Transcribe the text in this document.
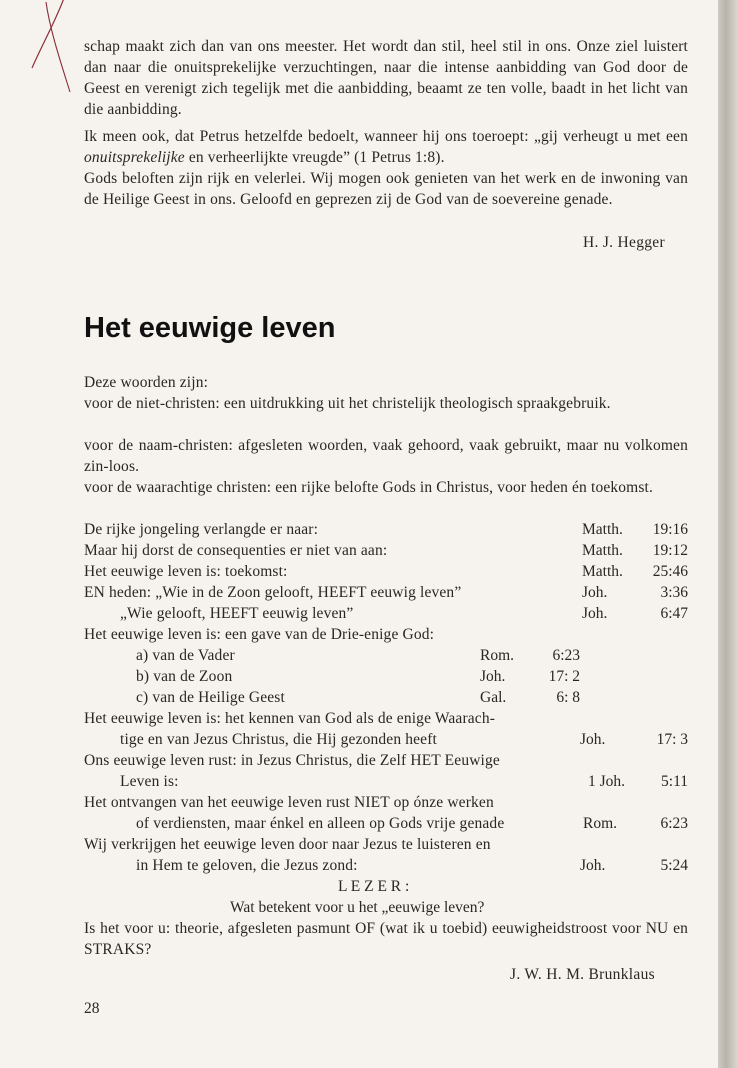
schap maakt zich dan van ons meester. Het wordt dan stil, heel stil in ons. Onze ziel luistert dan naar die onuitsprekelijke verzuchtingen, naar die intense aanbidding van God door de Geest en verenigt zich tegelijk met die aanbidding, beaamt ze ten volle, baadt in het licht van die aanbidding.

Ik meen ook, dat Petrus hetzelfde bedoelt, wanneer hij ons toeroept: „gij verheugt u met een onuitsprekelijke en verheerlijkte vreugde” (1 Petrus 1:8).

Gods beloften zijn rijk en velerlei. Wij mogen ook genieten van het werk en de inwoning van de Heilige Geest in ons. Geloofd en geprezen zij de God van de soevereine genade.

H. J. Hegger
Het eeuwige leven

Deze woorden zijn:

voor de niet-christen: een uitdrukking uit het christelijk theologisch spraakgebruik.

voor de naam-christen: afgesleten woorden, vaak gehoord, vaak gebruikt, maar nu volkomen zin-loos.

voor de waarachtige christen: een rijke belofte Gods in Christus, voor heden én toekomst.

De rijke jongeling verlangde er naar:	Matth.	19:16
Maar hij dorst de consequenties er niet van aan:	Matth.	19:12
Het eeuwige leven is: toekomst:	Matth.	25:46
EN heden: „Wie in de Zoon gelooft, HEEFT eeuwig leven”	Joh.	3:36
„Wie gelooft, HEEFT eeuwig leven”	Joh.	6:47
Het eeuwige leven is: een gave van de Drie-enige God:
a) van de Vader	Rom.	6:23
b) van de Zoon	Joh.	17: 2
c) van de Heilige Geest	Gal.	6: 8
Het eeuwige leven is: het kennen van God als de enige Waarach-
tige en van Jezus Christus, die Hij gezonden heeft	Joh.	17: 3
Ons eeuwige leven rust: in Jezus Christus, die Zelf HET Eeuwige
Leven is:	1 Joh.	5:11
Het ontvangen van het eeuwige leven rust NIET op ónze werken
of verdiensten, maar énkel en alleen op Gods vrije genade	Rom.	6:23
Wij verkrijgen het eeuwige leven door naar Jezus te luisteren en
in Hem te geloven, die Jezus zond:	Joh.	5:24
L E Z E R :
Wat betekent voor u het „eeuwige leven?

Is het voor u: theorie, afgesleten pasmunt OF (wat ik u toebid) eeuwigheidstroost voor NU en STRAKS?

J. W. H. M. Brunklaus
28
